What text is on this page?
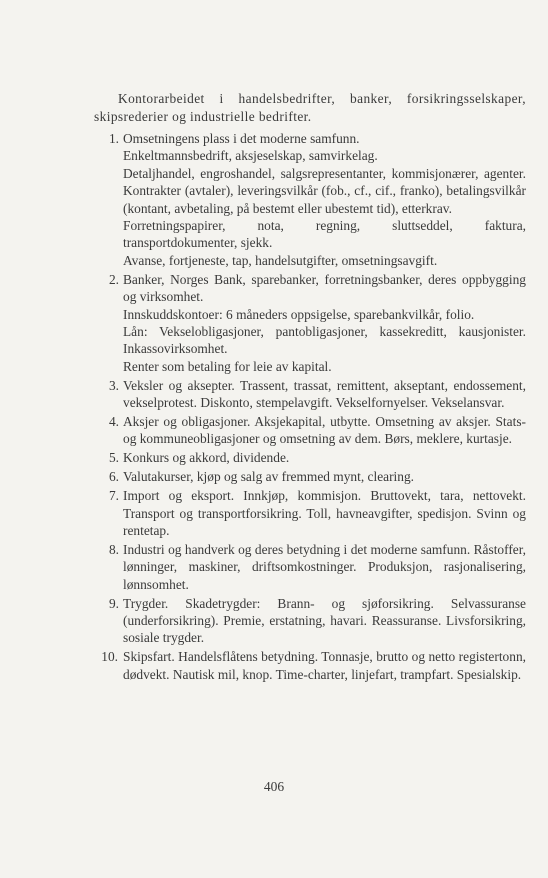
Kontorarbeidet i handelsbedrifter, banker, forsikringsselskaper, skipsrederier og industrielle bedrifter.
1. Omsetningens plass i det moderne samfunn.

Enkeltmannsbedrift, aksjeselskap, samvirkelag.

Detaljhandel, engroshandel, salgsrepresentanter, kommisjonærer, agenter. Kontrakter (avtaler), leveringsvilkår (fob., cf., cif., franko), betalingsvilkår (kontant, avbetaling, på bestemt eller ubestemt tid), etterkrav.

Forretningspapirer, nota, regning, sluttseddel, faktura, transportdokumenter, sjekk.

Avanse, fortjeneste, tap, handelsutgifter, omsetningsavgift.

2. Banker, Norges Bank, sparebanker, forretningsbanker, deres oppbygging og virksomhet.

Innskuddskontoer: 6 måneders oppsigelse, sparebankvilkår, folio.

Lån: Vekselobligasjoner, pantobligasjoner, kassekreditt, kausjonister. Inkassovirksomhet.

Renter som betaling for leie av kapital.

3. Veksler og aksepter. Trassent, trassat, remittent, akseptant, endossement, vekselprotest. Diskonto, stempelavgift. Vekselfornyelser. Vekselansvar.

4. Aksjer og obligasjoner. Aksjekapital, utbytte. Omsetning av aksjer. Stats- og kommuneobligasjoner og omsetning av dem. Børs, meklere, kurtasje.

5. Konkurs og akkord, dividende.

6. Valutakurser, kjøp og salg av fremmed mynt, clearing.

7. Import og eksport. Innkjøp, kommisjon. Bruttovekt, tara, nettovekt. Transport og transportforsikring. Toll, havneavgifter, spedisjon. Svinn og rentetap.

8. Industri og handverk og deres betydning i det moderne samfunn. Råstoffer, lønninger, maskiner, driftsomkostninger. Produksjon, rasjonalisering, lønnsomhet.

9. Trygder. Skadetrygder: Brann- og sjøforsikring. Selvassuranse (underforsikring). Premie, erstatning, havari. Reassuranse. Livsforsikring, sosiale trygder.

10. Skipsfart. Handelsflåtens betydning. Tonnasje, brutto og netto registertonn, dødvekt. Nautisk mil, knop. Time-charter, linjefart, trampfart. Spesialskip.

406
